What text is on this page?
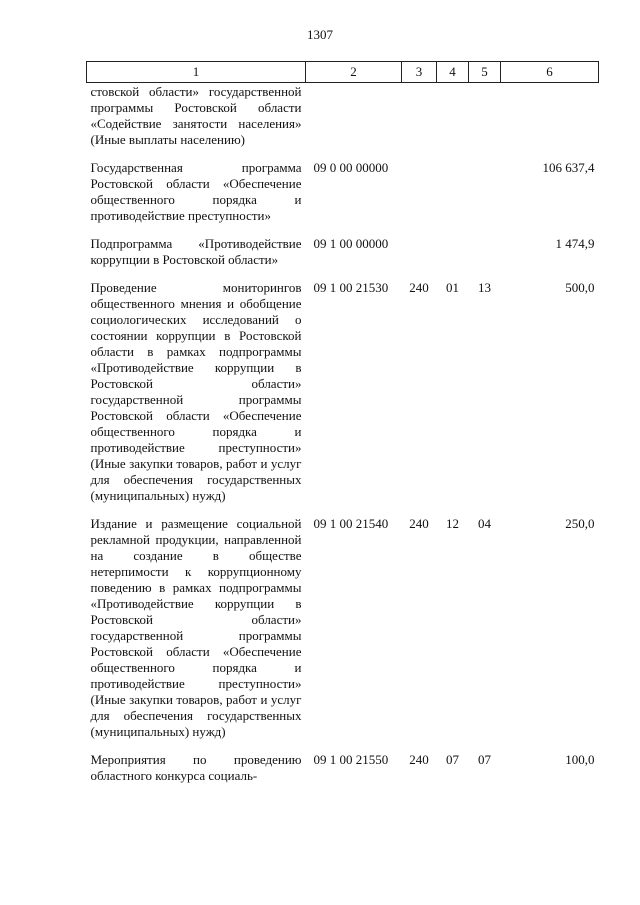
1307
1	2	3	4	5	6
стовской области» государственной программы Ростовской области «Содействие занятости населения» (Иные выплаты населению)					
Государственная программа Ростовской области «Обеспечение общественного порядка и противодействие преступности»	09 0 00 00000				106 637,4
Подпрограмма «Противодействие коррупции в Ростовской области»	09 1 00 00000				1 474,9
Проведение мониторингов общественного мнения и обобщение социологических исследований о состоянии коррупции в Ростовской области в рамках подпрограммы «Противодействие коррупции в Ростовской области» государственной программы Ростовской области «Обеспечение общественного порядка и противодействие преступности» (Иные закупки товаров, работ и услуг для обеспечения государственных (муниципальных) нужд)	09 1 00 21530	240	01	13	500,0
Издание и размещение социальной рекламной продукции, направленной на создание в обществе нетерпимости к коррупционному поведению в рамках подпрограммы «Противодействие коррупции в Ростовской области» государственной программы Ростовской области «Обеспечение общественного порядка и противодействие преступности» (Иные закупки товаров, работ и услуг для обеспечения государственных (муниципальных) нужд)	09 1 00 21540	240	12	04	250,0
Мероприятия по проведению областного конкурса социаль-	09 1 00 21550	240	07	07	100,0
